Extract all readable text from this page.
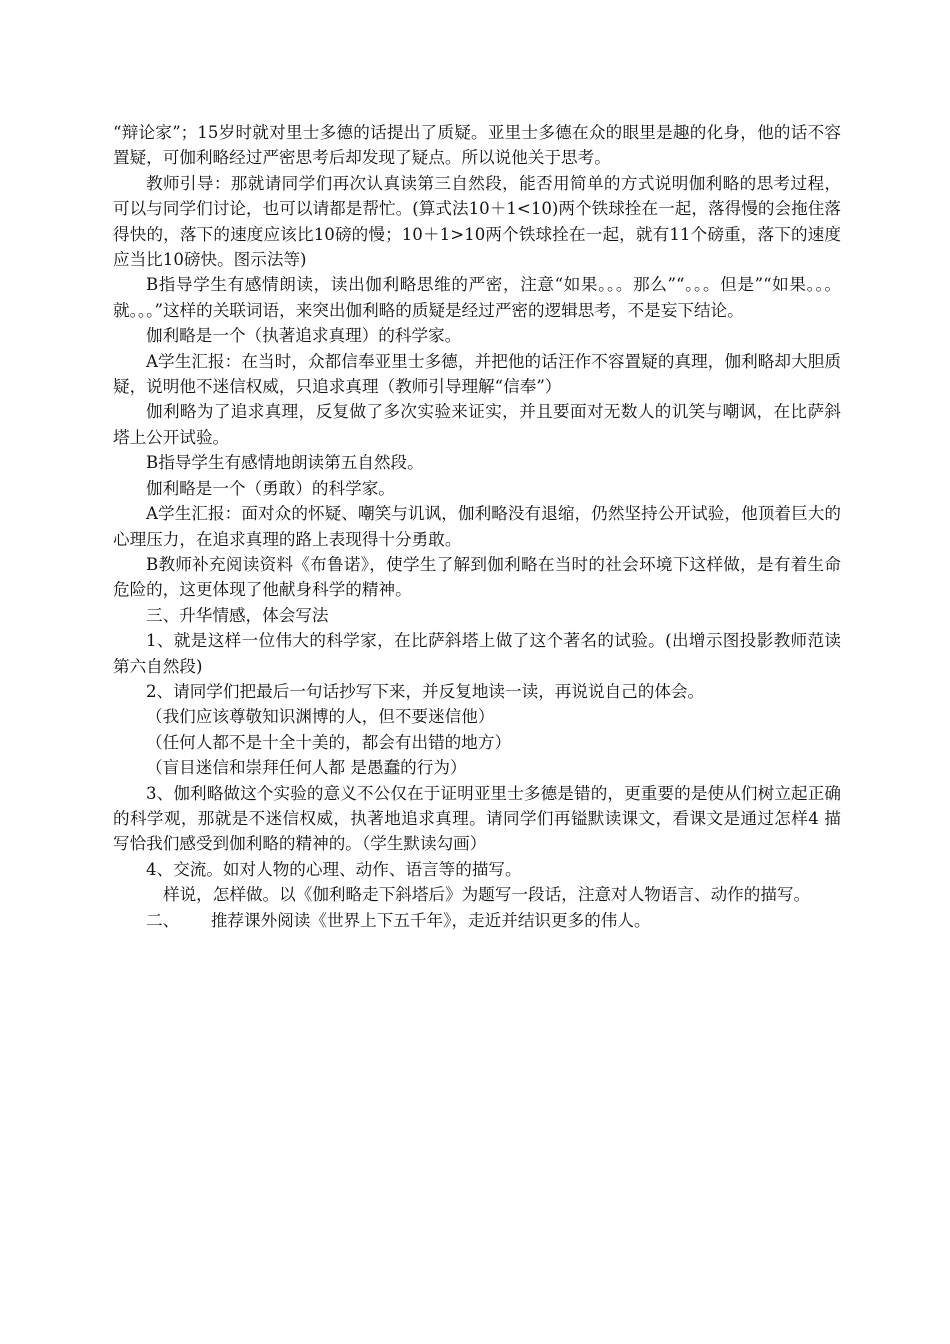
“辩论家”；15岁时就对里士多德的话提出了质疑。亚里士多德在众的眼里是趣的化身，他的话不容置疑，可伽利略经过严密思考后却发现了疑点。所以说他关于思考。

教师引导：那就请同学们再次认真读第三自然段，能否用简单的方式说明伽利略的思考过程，可以与同学们讨论，也可以请都是帮忙。(算式法10＋1<10)两个铁球拴在一起，落得慢的会拖住落得快的，落下的速度应该比10磅的慢；10＋1>10两个铁球拴在一起，就有11个磅重，落下的速度应当比10磅快。图示法等)

B指导学生有感情朗读，读出伽利略思维的严密，注意“如果。。。那么”“。。。但是”“如果。。。就。。。”这样的关联词语，来突出伽利略的质疑是经过严密的逻辑思考，不是妄下结论。

伽利略是一个（执著追求真理）的科学家。

A学生汇报：在当时，众都信奉亚里士多德，并把他的话汪作不容置疑的真理，伽利略却大胆质疑，说明他不迷信权威，只追求真理（教师引导理解“信奉”）

伽利略为了追求真理，反复做了多次实验来证实，并且要面对无数人的讥笑与嘲讽，在比萨斜塔上公开试验。

B指导学生有感情地朗读第五自然段。

伽利略是一个（勇敢）的科学家。

A学生汇报：面对众的怀疑、嘲笑与讥讽，伽利略没有退缩，仍然坚持公开试验，他顶着巨大的心理压力，在追求真理的路上表现得十分勇敢。

B教师补充阅读资料《布鲁诺》，使学生了解到伽利略在当时的社会环境下这样做，是有着生命危险的，这更体现了他献身科学的精神。

三、升华情感，体会写法

1、就是这样一位伟大的科学家，在比萨斜塔上做了这个著名的试验。(出增示图投影教师范读第六自然段)

2、请同学们把最后一句话抄写下来，并反复地读一读，再说说自己的体会。

（我们应该尊敬知识渊博的人，但不要迷信他）

（任何人都不是十全十美的，都会有出错的地方）

（盲目迷信和崇拜任何人都 是愚蠢的行为）

3、伽利略做这个实验的意义不公仅在于证明亚里士多德是错的，更重要的是使从们树立起正确的科学观，那就是不迷信权威，执著地追求真理。请同学们再镒默读课文，看课文是通过怎样4 描写恰我们感受到伽利略的精神的。（学生默读勾画）

4、交流。如对人物的心理、动作、语言等的描写。

样说，怎样做。以《伽利略走下斜塔后》为题写一段话，注意对人物语言、动作的描写。

二、      推荐课外阅读《世界上下五千年》，走近并结识更多的伟人。
